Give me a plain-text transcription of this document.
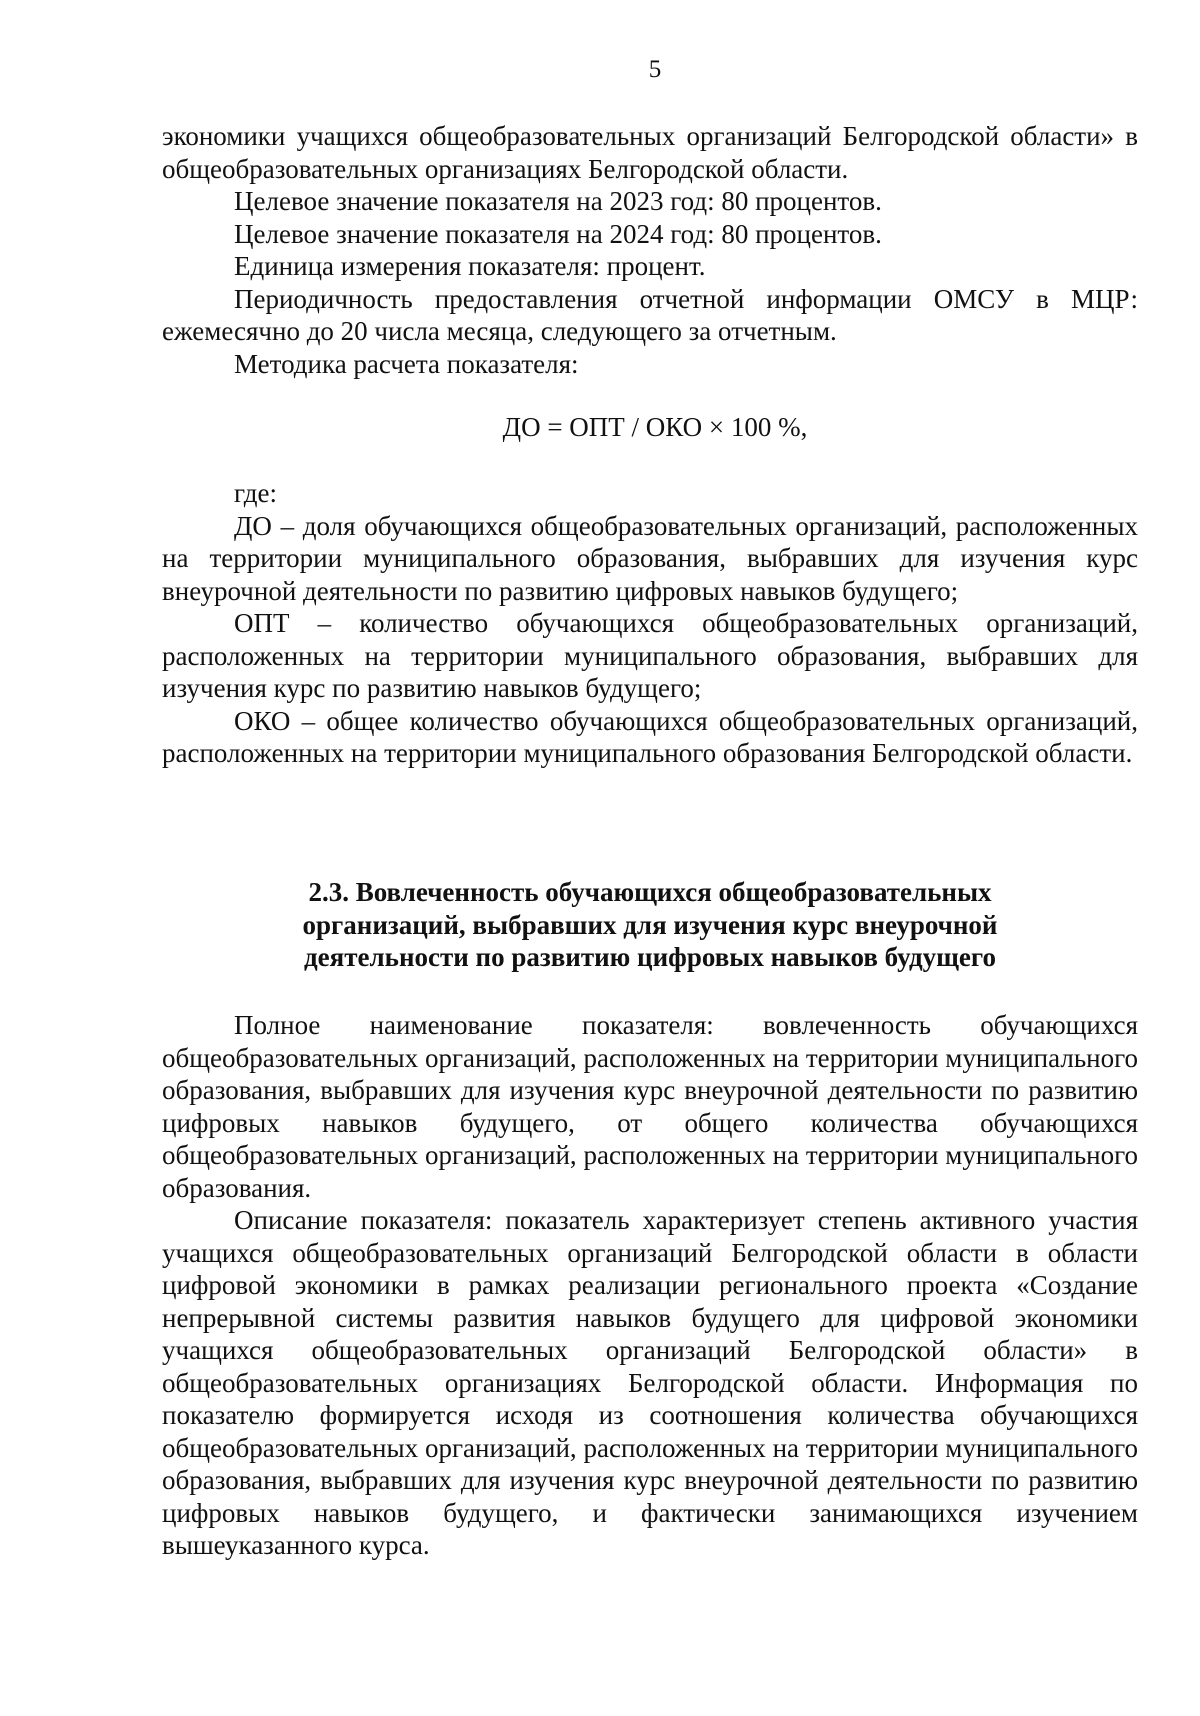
5

экономики учащихся общеобразовательных организаций Белгородской области» в общеобразовательных организациях Белгородской области.

Целевое значение показателя на 2023 год: 80 процентов.

Целевое значение показателя на 2024 год: 80 процентов.

Единица измерения показателя: процент.

Периодичность предоставления отчетной информации ОМСУ в МЦР: ежемесячно до 20 числа месяца, следующего за отчетным.

Методика расчета показателя:

ДО = ОПТ / ОКО × 100 %,

где:

ДО – доля обучающихся общеобразовательных организаций, расположенных на территории муниципального образования, выбравших для изучения курс внеурочной деятельности по развитию цифровых навыков будущего;

ОПТ – количество обучающихся общеобразовательных организаций, расположенных на территории муниципального образования, выбравших для изучения курс по развитию навыков будущего;

ОКО – общее количество обучающихся общеобразовательных организаций, расположенных на территории муниципального образования Белгородской области.

2.3. Вовлеченность обучающихся общеобразовательных
организаций, выбравших для изучения курс внеурочной
деятельности по развитию цифровых навыков будущего

Полное наименование показателя: вовлеченность обучающихся общеобразовательных организаций, расположенных на территории муниципального образования, выбравших для изучения курс внеурочной деятельности по развитию цифровых навыков будущего, от общего количества обучающихся общеобразовательных организаций, расположенных на территории муниципального образования.

Описание показателя: показатель характеризует степень активного участия учащихся общеобразовательных организаций Белгородской области в области цифровой экономики в рамках реализации регионального проекта «Создание непрерывной системы развития навыков будущего для цифровой экономики учащихся общеобразовательных организаций Белгородской области» в общеобразовательных организациях Белгородской области. Информация по показателю формируется исходя из соотношения количества обучающихся общеобразовательных организаций, расположенных на территории муниципального образования, выбравших для изучения курс внеурочной деятельности по развитию цифровых навыков будущего, и фактически занимающихся изучением вышеуказанного курса.
